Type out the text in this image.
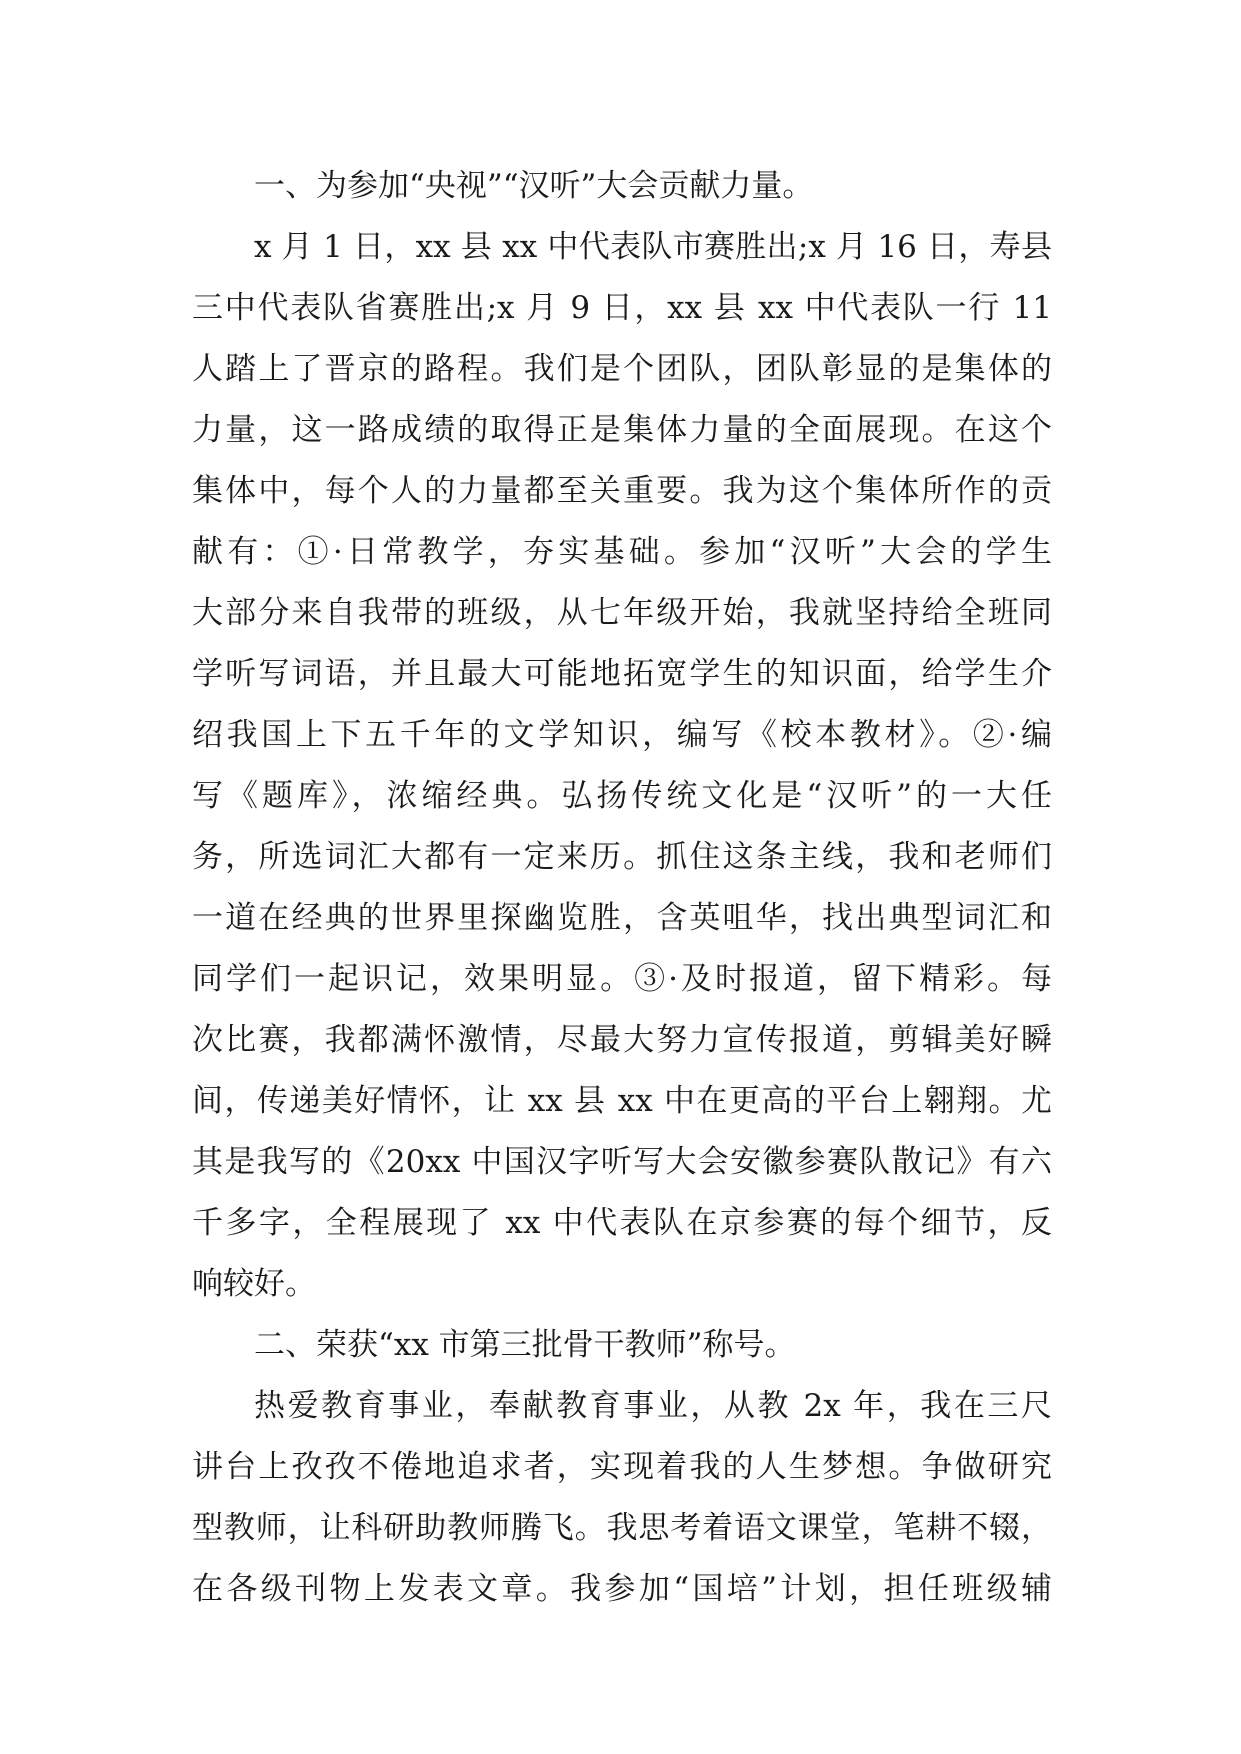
一、为参加“央视”“汉听”大会贡献力量。
x 月 1 日，xx 县 xx 中代表队市赛胜出;x 月 16 日，寿县
三中代表队省赛胜出;x 月 9 日，xx 县 xx 中代表队一行 11
人踏上了晋京的路程。我们是个团队，团队彰显的是集体的
力量，这一路成绩的取得正是集体力量的全面展现。在这个
集体中，每个人的力量都至关重要。我为这个集体所作的贡
献有：①·日常教学，夯实基础。参加“汉听”大会的学生
大部分来自我带的班级，从七年级开始，我就坚持给全班同
学听写词语，并且最大可能地拓宽学生的知识面，给学生介
绍我国上下五千年的文学知识，编写《校本教材》。②·编
写《题库》，浓缩经典。弘扬传统文化是“汉听”的一大任
务，所选词汇大都有一定来历。抓住这条主线，我和老师们
一道在经典的世界里探幽览胜，含英咀华，找出典型词汇和
同学们一起识记，效果明显。③·及时报道，留下精彩。每
次比赛，我都满怀激情，尽最大努力宣传报道，剪辑美好瞬
间，传递美好情怀，让 xx 县 xx 中在更高的平台上翱翔。尤
其是我写的《20xx 中国汉字听写大会安徽参赛队散记》有六
千多字，全程展现了 xx 中代表队在京参赛的每个细节，反
响较好。
二、荣获“xx 市第三批骨干教师”称号。
热爱教育事业，奉献教育事业，从教 2x 年，我在三尺
讲台上孜孜不倦地追求者，实现着我的人生梦想。争做研究
型教师，让科研助教师腾飞。我思考着语文课堂，笔耕不辍，
在各级刊物上发表文章。我参加“国培”计划，担任班级辅
